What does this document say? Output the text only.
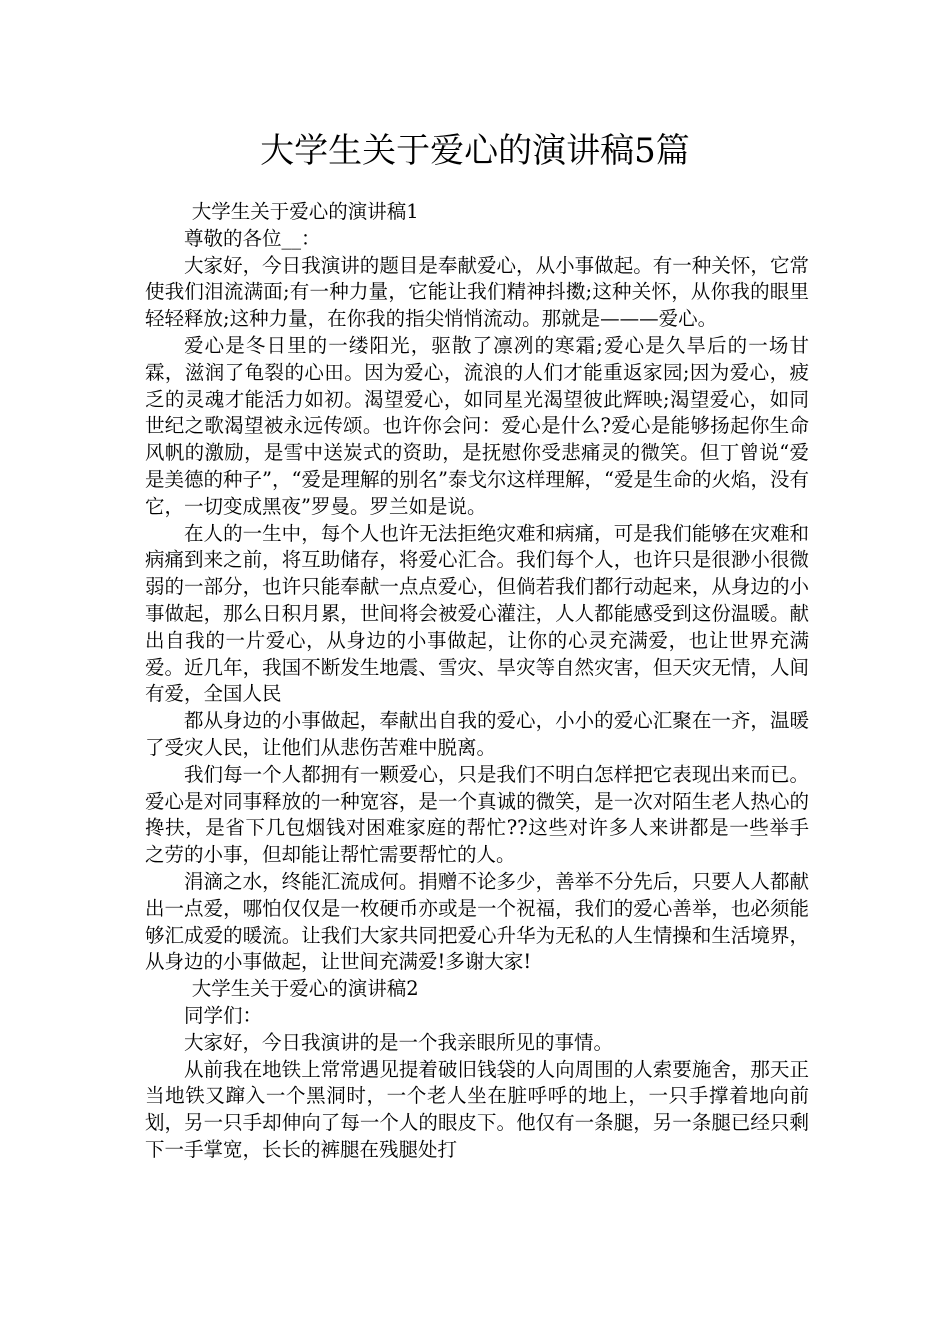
大学生关于爱心的演讲稿5篇

大学生关于爱心的演讲稿1

尊敬的各位__：

大家好，今日我演讲的题目是奉献爱心，从小事做起。有一种关怀，它常使我们泪流满面;有一种力量，它能让我们精神抖擞;这种关怀，从你我的眼里轻轻释放;这种力量，在你我的指尖悄悄流动。那就是———爱心。

爱心是冬日里的一缕阳光，驱散了凛冽的寒霜;爱心是久旱后的一场甘霖，滋润了龟裂的心田。因为爱心，流浪的人们才能重返家园;因为爱心，疲乏的灵魂才能活力如初。渴望爱心，如同星光渴望彼此辉映;渴望爱心，如同世纪之歌渴望被永远传颂。也许你会问：爱心是什么?爱心是能够扬起你生命风帆的激励，是雪中送炭式的资助，是抚慰你受悲痛灵的微笑。但丁曾说“爱是美德的种子”，“爱是理解的别名”泰戈尔这样理解，“爱是生命的火焰，没有它，一切变成黑夜”罗曼。罗兰如是说。

在人的一生中，每个人也许无法拒绝灾难和病痛，可是我们能够在灾难和病痛到来之前，将互助储存，将爱心汇合。我们每个人，也许只是很渺小很微弱的一部分，也许只能奉献一点点爱心，但倘若我们都行动起来，从身边的小事做起，那么日积月累，世间将会被爱心灌注，人人都能感受到这份温暖。献出自我的一片爱心，从身边的小事做起，让你的心灵充满爱，也让世界充满爱。近几年，我国不断发生地震、雪灾、旱灾等自然灾害，但天灾无情，人间有爱，全国人民

都从身边的小事做起，奉献出自我的爱心，小小的爱心汇聚在一齐，温暖了受灾人民，让他们从悲伤苦难中脱离。

我们每一个人都拥有一颗爱心，只是我们不明白怎样把它表现出来而已。爱心是对同事释放的一种宽容，是一个真诚的微笑，是一次对陌生老人热心的搀扶，是省下几包烟钱对困难家庭的帮忙??这些对许多人来讲都是一些举手之劳的小事，但却能让帮忙需要帮忙的人。

涓滴之水，终能汇流成何。捐赠不论多少，善举不分先后，只要人人都献出一点爱，哪怕仅仅是一枚硬币亦或是一个祝福，我们的爱心善举，也必须能够汇成爱的暖流。让我们大家共同把爱心升华为无私的人生情操和生活境界，从身边的小事做起，让世间充满爱!多谢大家!

大学生关于爱心的演讲稿2

同学们：

大家好，今日我演讲的是一个我亲眼所见的事情。

从前我在地铁上常常遇见提着破旧钱袋的人向周围的人索要施舍，那天正当地铁又蹿入一个黑洞时，一个老人坐在脏呼呼的地上，一只手撑着地向前划，另一只手却伸向了每一个人的眼皮下。他仅有一条腿，另一条腿已经只剩下一手掌宽，长长的裤腿在残腿处打
